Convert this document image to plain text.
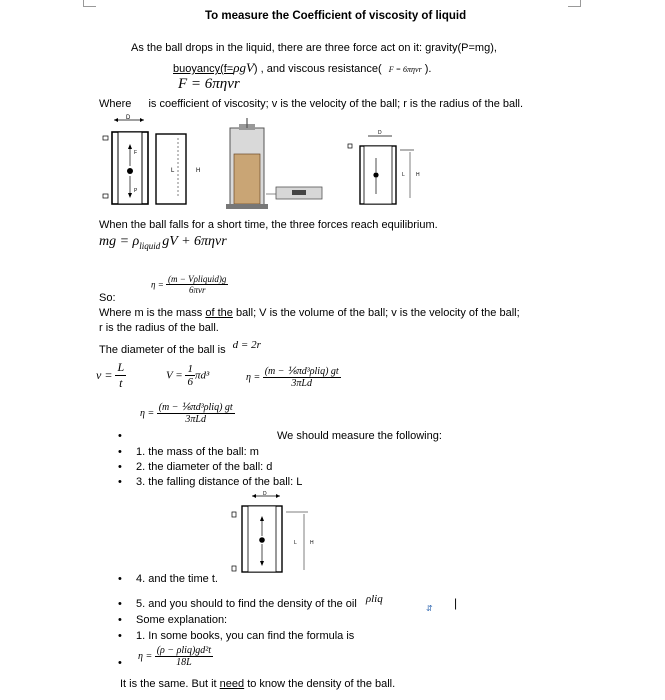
To measure the Coefficient of viscosity of liquid
As the ball drops in the liquid, there are three force act on it: gravity(P=mg),
buoyancy(f=ρgV) , and viscous resistance( F = 6πηvr ).
F = 6πηvr
Where is coefficient of viscosity; v is the velocity of the ball; r is the radius of the ball.
D
F
P
L	H
D
L H
When the ball falls for a short time, the three forces reach equilibrium.
mg = $\rho_{liquid}$ gV + 6πηvr
$\eta = \frac{\text{(m − Vρliquid)g}}{\text{6πvr}}$
So:
Where m is the mass of the ball; V is the volume of the ball; v is the velocity of the ball;
r is the radius of the ball.
The diameter of the ball is d = 2r
$v = \frac{L}{t}$	$V = \frac{1}{6} \pi d^3$	$\eta = \frac{\text{(m − ⅙πd³ρliq) gt}}{\text{3πLd}}$
•
$\eta = \frac{\text{(m − ⅙πd³ρliq) gt}}{\text{3πLd}}$
We should measure the following:
• 1. the mass of the ball: m
• 2. the diameter of the ball: d
• 3. the falling distance of the ball: L
D
L	H
• 4. and the time t.
• 5. and you should to find the density of the oil ρliq
⇵ |
• Some explanation:
• 1. In some books, you can find the formula is
•
$\eta = \frac{\text{(ρ − ρliq)gd²t}}{18L}$
It is the same. But it need to know the density of the ball.
